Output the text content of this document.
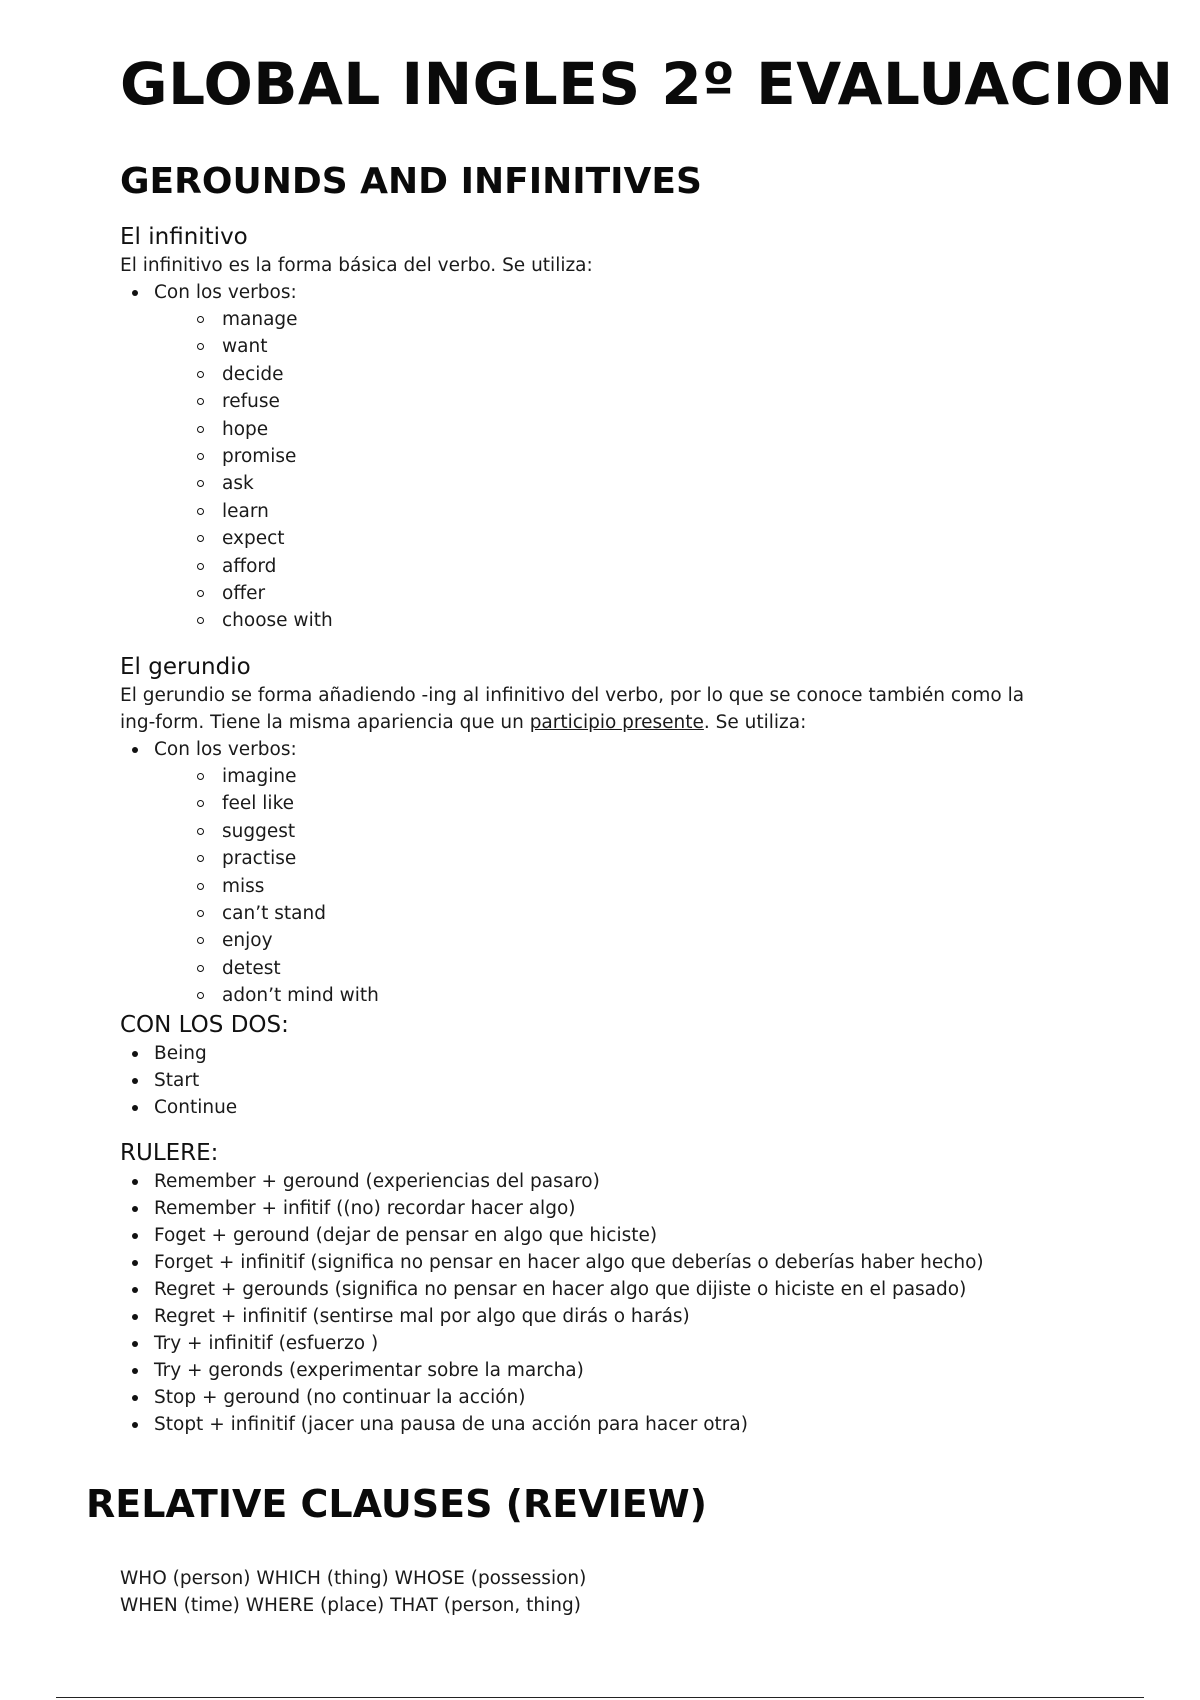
GLOBAL INGLES 2º EVALUACION
GEROUNDS AND INFINITIVES

El infinitivo

El infinitivo es la forma básica del verbo. Se utiliza:

Con los verbos:
manage
want
decide
refuse
hope
promise
ask
learn
expect
afford
offer
choose with

El gerundio

El gerundio se forma añadiendo -ing al infinitivo del verbo, por lo que se conoce también como la

ing-form. Tiene la misma apariencia que un participio presente. Se utiliza:

Con los verbos:
imagine
feel like
suggest
practise
miss
can’t stand
enjoy
detest
adon’t mind with

CON LOS DOS:

Being
Start
Continue

RULERE:

Remember + geround (experiencias del pasaro)
Remember + infitif ((no) recordar hacer algo)
Foget + geround (dejar de pensar en algo que hiciste)
Forget + infinitif (significa no pensar en hacer algo que deberías o deberías haber hecho)
Regret + gerounds (significa no pensar en hacer algo que dijiste o hiciste en el pasado)
Regret + infinitif (sentirse mal por algo que dirás o harás)
Try + infinitif (esfuerzo )
Try + geronds (experimentar sobre la marcha)
Stop + geround (no continuar la acción)
Stopt + infinitif (jacer una pausa de una acción para hacer otra)
RELATIVE CLAUSES (REVIEW)

WHO (person) WHICH (thing) WHOSE (possession)

WHEN (time) WHERE (place) THAT (person, thing)
